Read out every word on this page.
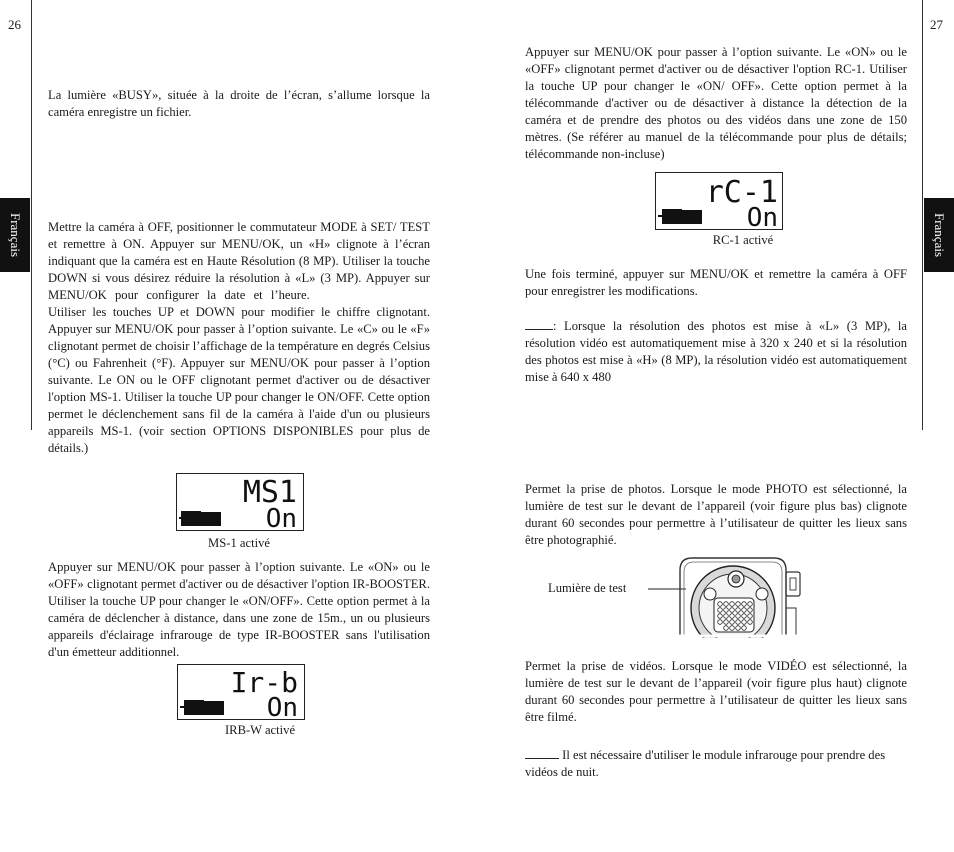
26
Français

La lumière «BUSY», située à la droite de l’écran, s’allume lorsque la caméra enregistre un fichier.

Mettre la caméra à OFF, positionner le commutateur MODE à SET/ TEST et remettre à ON. Appuyer sur MENU/OK, un «H» clignote à l’écran indiquant que la caméra est en Haute Résolution (8 MP). Utiliser la touche DOWN si vous désirez réduire la résolution à «L» (3 MP). Appuyer sur MENU/OK pour configurer la date et l’heure.  Utiliser les touches UP et DOWN pour modifier le chiffre clignotant. Appuyer sur MENU/OK pour passer à l’option suivante. Le «C» ou le «F» clignotant permet de choisir l’affichage de la température en degrés Celsius (°C) ou Fahrenheit (°F). Appuyer sur MENU/OK pour passer à l’option suivante. Le ON ou le OFF clignotant permet d'activer ou de désactiver l'option MS-1. Utiliser la touche UP pour changer le ON/OFF. Cette option permet le déclenchement sans fil de la caméra à l'aide d'un ou plusieurs appareils MS-1. (voir section OPTIONS DISPONIBLES pour plus de détails.)

MS1
On
MS-1 activé

Appuyer sur MENU/OK pour passer à l’option suivante. Le «ON» ou le «OFF» clignotant permet d'activer ou de désactiver l'option IR-BOOSTER. Utiliser la touche UP pour changer le «ON/OFF». Cette option permet à la caméra de déclencher à distance, dans une zone de 15m., un ou plusieurs appareils d'éclairage infrarouge de type IR-BOOSTER sans l'utilisation d'un émetteur additionnel.

Ir-b
On
IRB-W activé
27
Français

Appuyer sur MENU/OK pour passer à l’option suivante. Le «ON» ou le «OFF» clignotant permet d'activer ou de désactiver l'option RC-1. Utiliser la touche UP pour changer le «ON/ OFF». Cette option permet à la télécommande d'activer ou de désactiver à distance la détection de la caméra et de prendre des photos ou des vidéos dans une zone de 150 mètres. (Se référer au manuel de la télécommande pour plus de détails; télécommande non-incluse)

rC-1
On
RC-1 activé

Une fois terminé, appuyer sur MENU/OK et remettre la caméra à OFF pour enregistrer les modifications.

: Lorsque la résolution des photos est mise à «L» (3 MP), la résolution vidéo est automatiquement mise à 320 x 240 et si la résolution des photos est mise à «H» (8 MP), la résolution vidéo est automatiquement mise à 640 x 480

Permet la prise de photos. Lorsque le mode PHOTO est sélectionné, la lumière de test sur le devant de l’appareil (voir figure plus bas) clignote durant 60 secondes pour permettre à l’utilisateur de quitter les lieux sans être photographié.

Lumière de test

Permet la prise de vidéos. Lorsque le mode VIDÉO est sélectionné, la lumière de test sur le devant de l’appareil (voir figure plus haut) clignote durant 60 secondes pour permettre à l’utilisateur de quitter les lieux sans être filmé.

Il est nécessaire d'utiliser le module infrarouge pour prendre des vidéos de nuit.
